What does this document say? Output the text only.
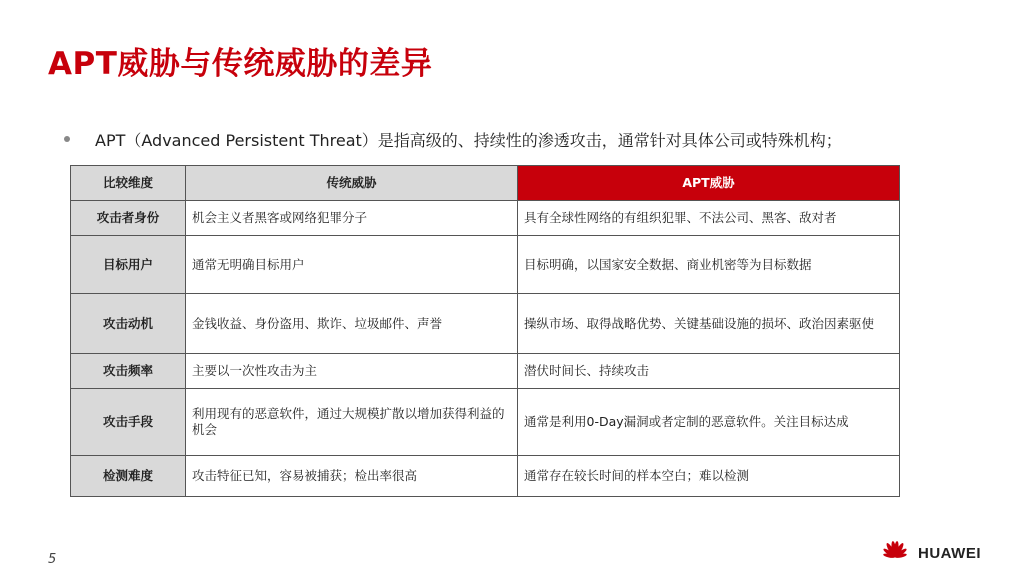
APT威胁与传统威胁的差异
APT（Advanced Persistent Threat）是指高级的、持续性的渗透攻击，通常针对具体公司或特殊机构；
比较维度	传统威胁	APT威胁
攻击者身份	机会主义者黑客或网络犯罪分子	具有全球性网络的有组织犯罪、不法公司、黑客、敌对者
目标用户	通常无明确目标用户	目标明确，以国家安全数据、商业机密等为目标数据
攻击动机	金钱收益、身份盗用、欺诈、垃圾邮件、声誉	操纵市场、取得战略优势、关键基础设施的损坏、政治因素驱使
攻击频率	主要以一次性攻击为主	潜伏时间长、持续攻击
攻击手段	利用现有的恶意软件，通过大规模扩散以增加获得利益的机会	通常是利用0-Day漏洞或者定制的恶意软件。关注目标达成
检测难度	攻击特征已知，容易被捕获；检出率很高	通常存在较长时间的样本空白；难以检测
5	HUAWEI
